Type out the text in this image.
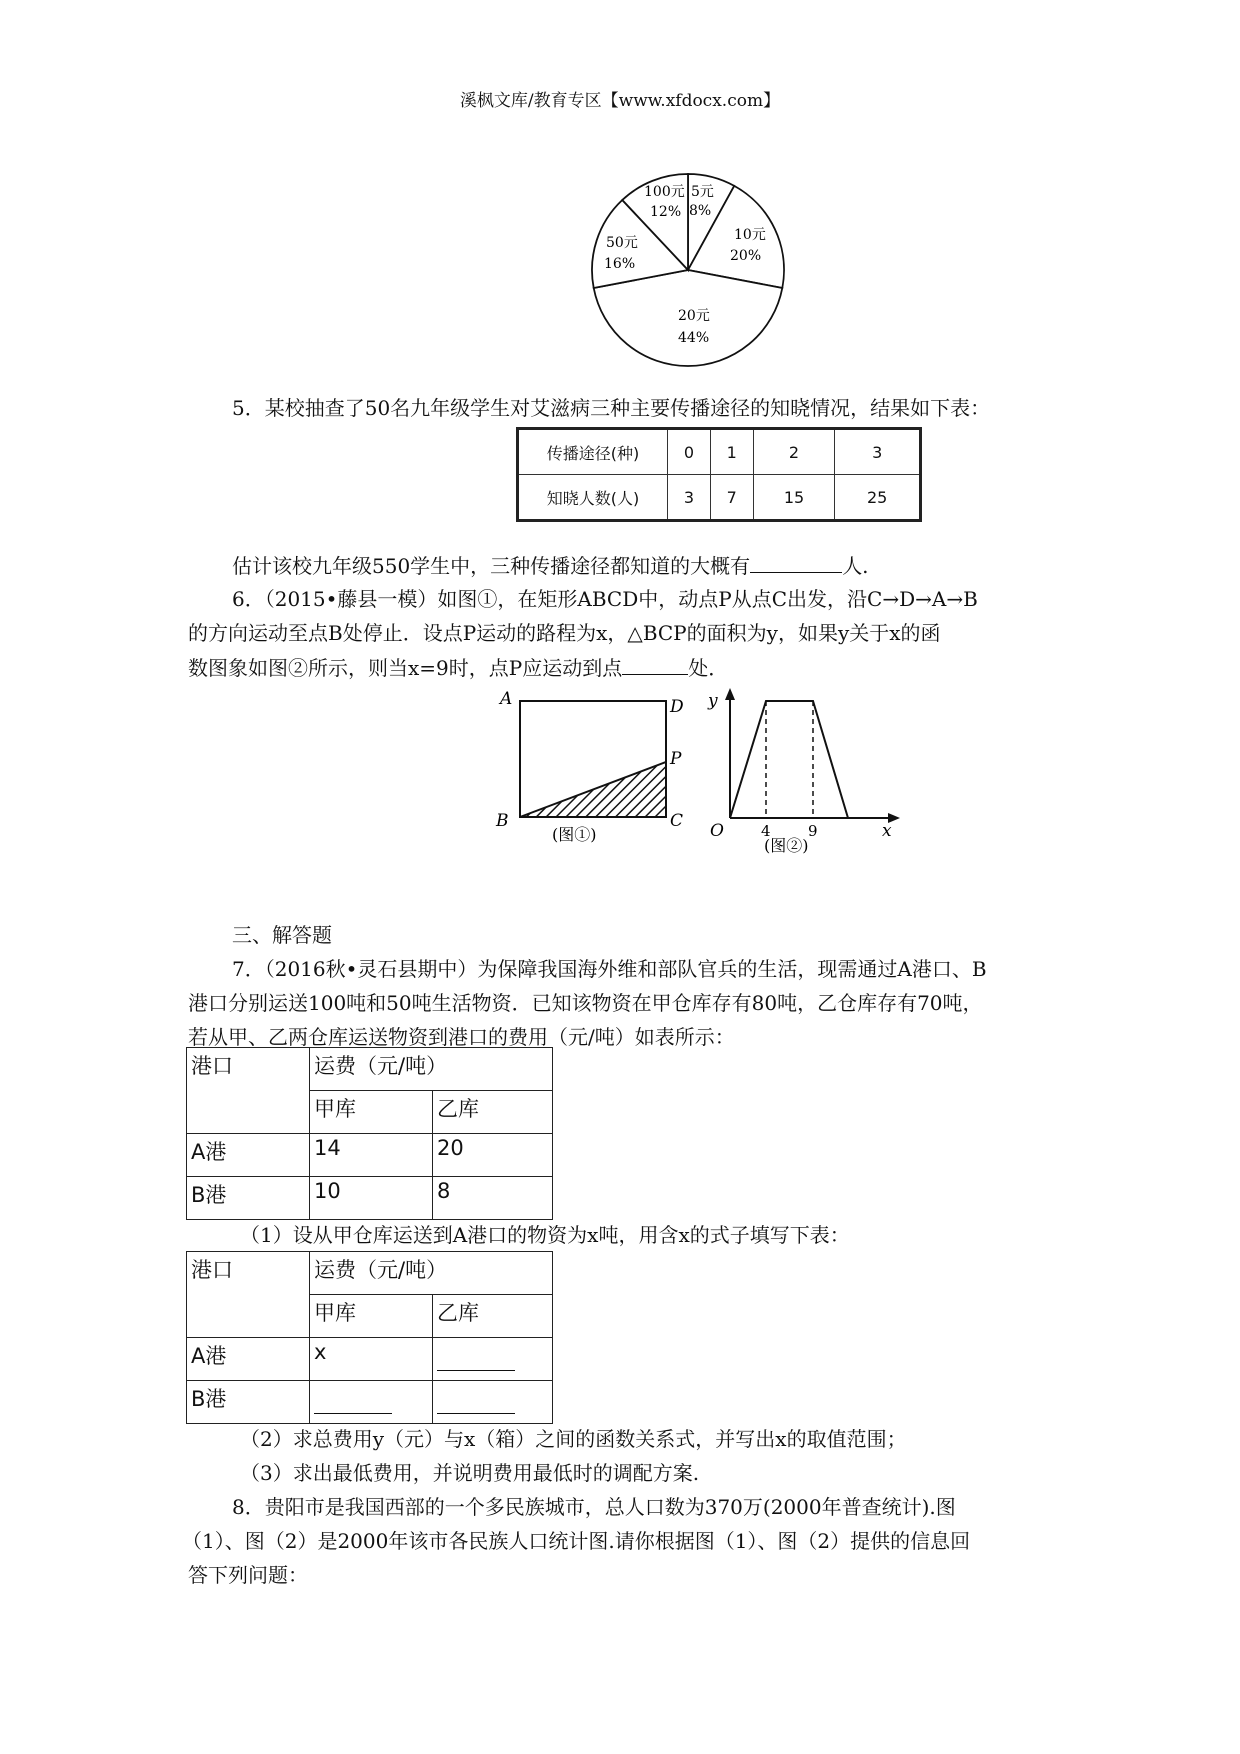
溪枫文库/教育专区【www.xfdocx.com】
5元
8%
10元
20%
20元
44%
50元
16%
100元
12%
5．某校抽查了50名九年级学生对艾滋病三种主要传播途径的知晓情况，结果如下表：
传播途径(种)	0	1	2	3
知晓人数(人)	3	7	15	25
估计该校九年级550学生中，三种传播途径都知道的大概有	人.
6．（2015•藤县一模）如图①，在矩形ABCD中，动点P从点C出发，沿C→D→A→B
的方向运动至点B处停止．设点P运动的路程为x，△BCP的面积为y，如果y关于x的函
数图象如图②所示，则当x=9时，点P应运动到点	处．
A	D
P
B	C
(图①)
y
x
O 4 9
(图②)
三、解答题
7．（2016秋•灵石县期中）为保障我国海外维和部队官兵的生活，现需通过A港口、B
港口分别运送100吨和50吨生活物资．已知该物资在甲仓库存有80吨，乙仓库存有70吨，
若从甲、乙两仓库运送物资到港口的费用（元/吨）如表所示：
港口	运费（元/吨）	
	甲库	乙库
A港	14	20
B港	10	8
（1）设从甲仓库运送到A港口的物资为x吨，用含x的式子填写下表：
港口	运费（元/吨）	
	甲库	乙库
A港	x	
B港		
（2）求总费用y（元）与x（箱）之间的函数关系式，并写出x的取值范围；
（3）求出最低费用，并说明费用最低时的调配方案.
8．贵阳市是我国西部的一个多民族城市，总人口数为370万(2000年普查统计).图
（1）、图（2）是2000年该市各民族人口统计图.请你根据图（1）、图（2）提供的信息回
答下列问题：
